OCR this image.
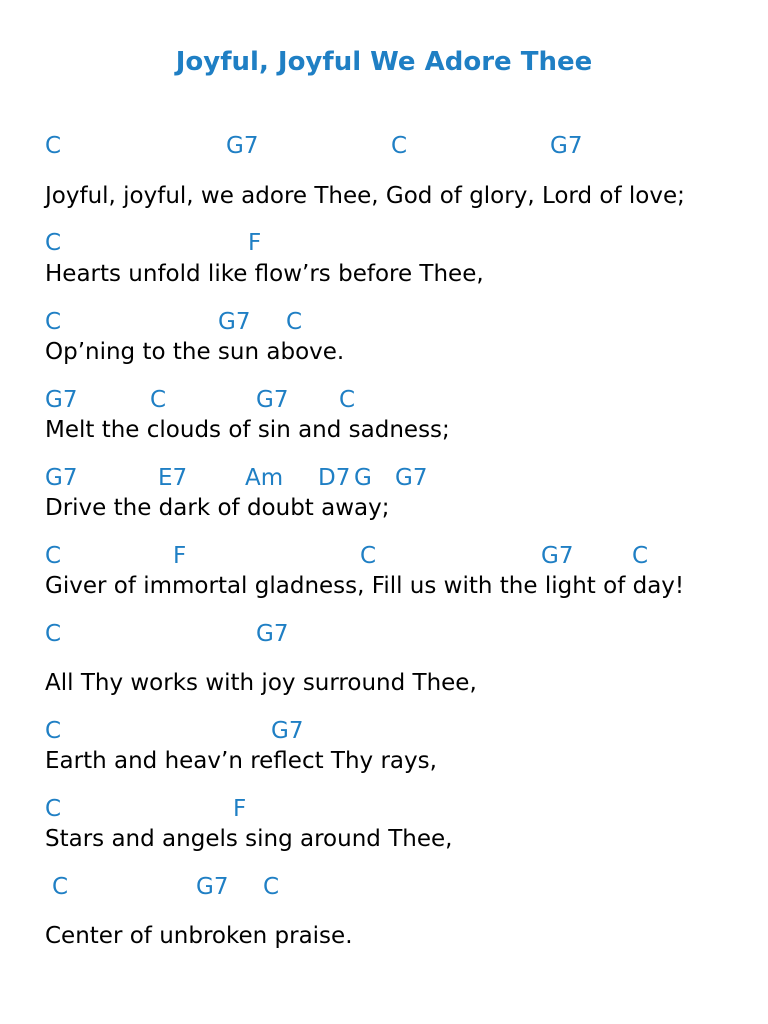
Joyful, Joyful We Adore Thee
C	G7	C	G7
Joyful, joyful, we adore Thee, God of glory, Lord of love;
C	F
Hearts unfold like flow’rs before Thee,
C	G7 C
Op’ning to the sun above.
G7	C	G7 C
Melt the clouds of sin and sadness;
G7	E7	Am D7 G G7
Drive the dark of doubt away;
C	F	C	G7	C
Giver of immortal gladness, Fill us with the light of day!
C	G7
All Thy works with joy surround Thee,
C	G7
Earth and heav’n reflect Thy rays,
C	F
Stars and angels sing around Thee,
C	G7 C
Center of unbroken praise.
